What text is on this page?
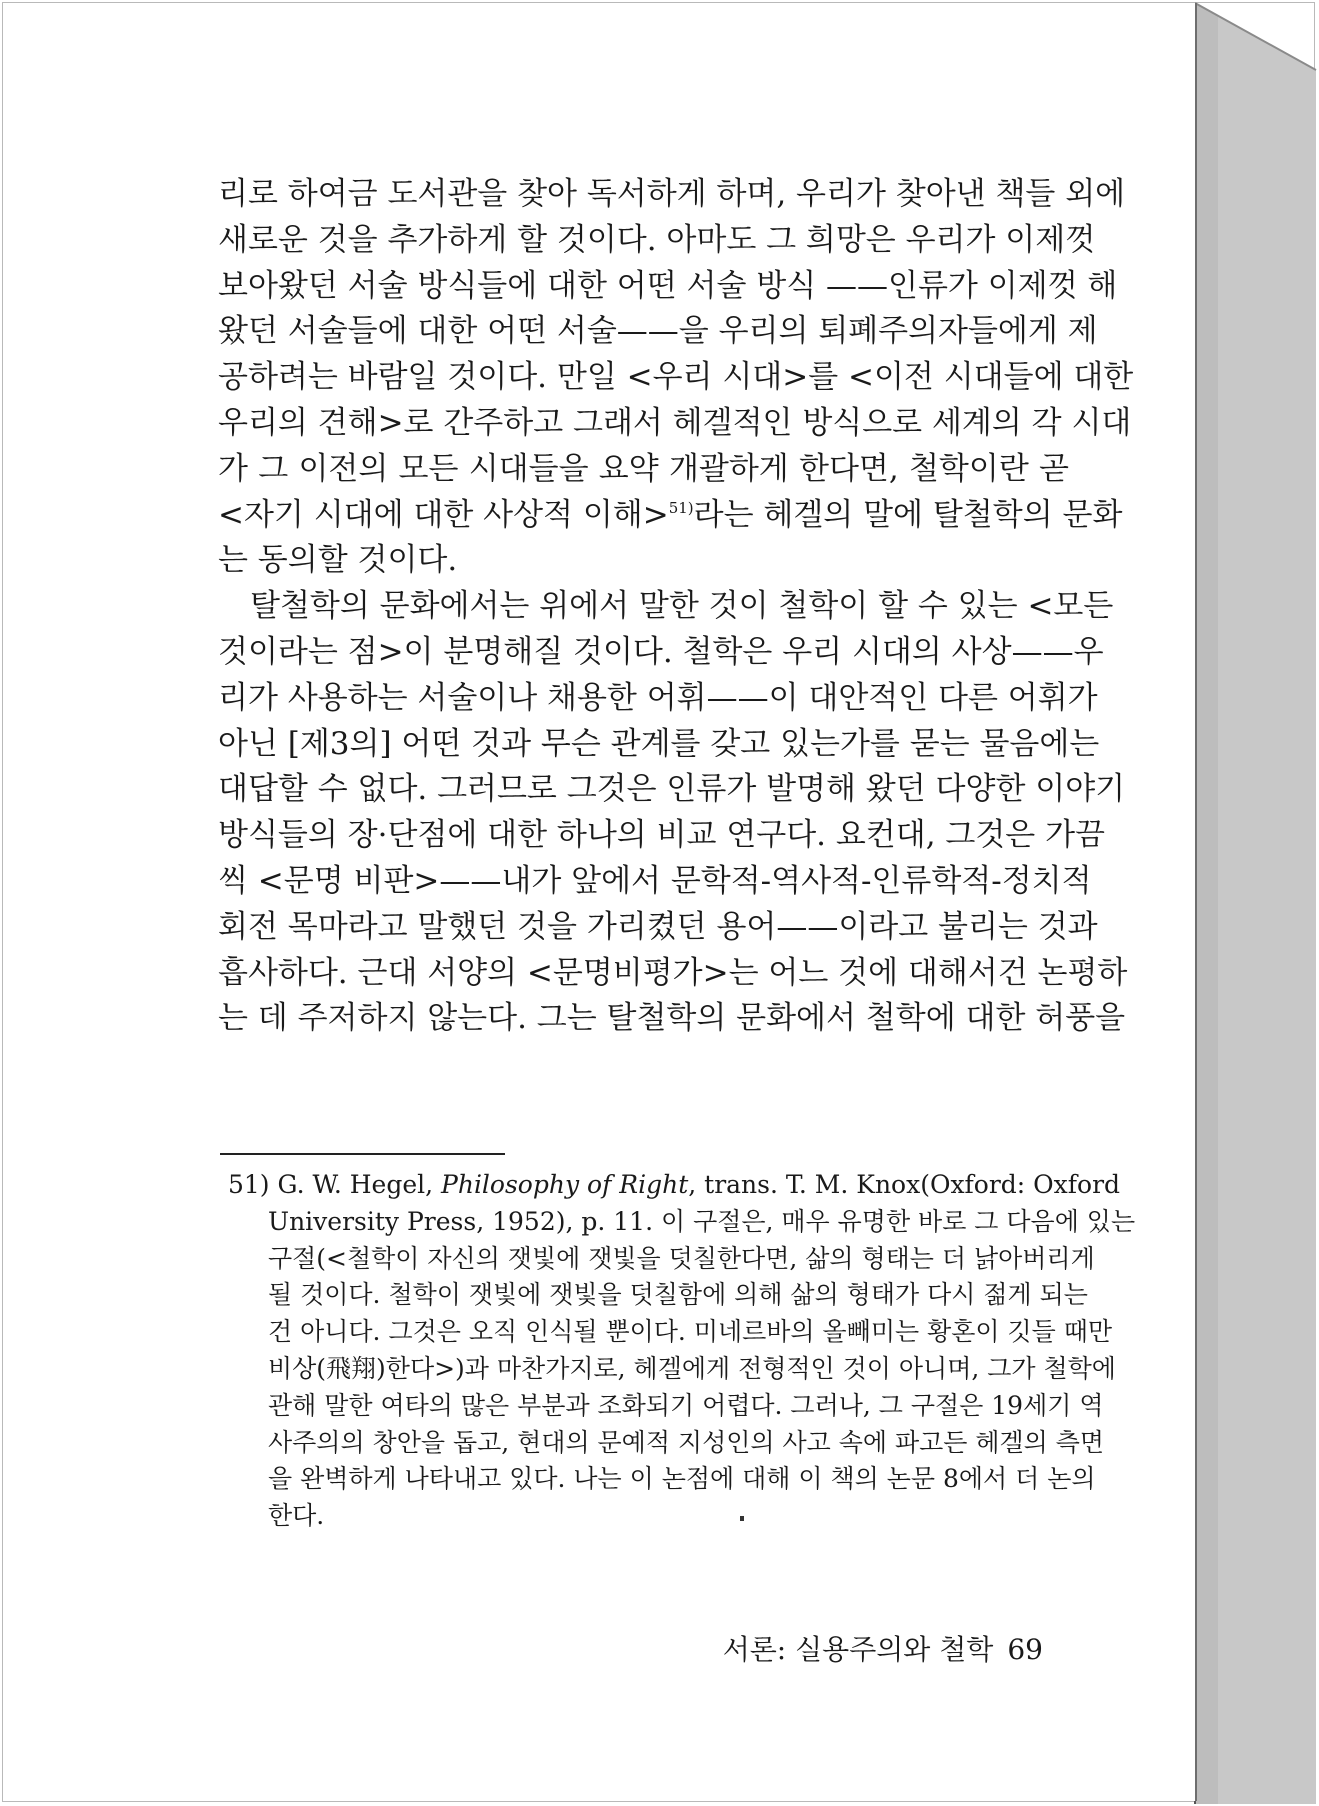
리로 하여금 도서관을 찾아 독서하게 하며, 우리가 찾아낸 책들 외에
새로운 것을 추가하게 할 것이다. 아마도 그 희망은 우리가 이제껏
보아왔던 서술 방식들에 대한 어떤 서술 방식 ——인류가 이제껏 해
왔던 서술들에 대한 어떤 서술——을 우리의 퇴폐주의자들에게 제
공하려는 바람일 것이다. 만일 <우리 시대>를 <이전 시대들에 대한
우리의 견해>로 간주하고 그래서 헤겔적인 방식으로 세계의 각 시대
가 그 이전의 모든 시대들을 요약 개괄하게 한다면, 철학이란 곧
<자기 시대에 대한 사상적 이해>$^{51)}$라는 헤겔의 말에 탈철학의 문화
는 동의할 것이다.
탈철학의 문화에서는 위에서 말한 것이 철학이 할 수 있는 <모든
것이라는 점>이 분명해질 것이다. 철학은 우리 시대의 사상——우
리가 사용하는 서술이나 채용한 어휘——이 대안적인 다른 어휘가
아닌 [제3의] 어떤 것과 무슨 관계를 갖고 있는가를 묻는 물음에는
대답할 수 없다. 그러므로 그것은 인류가 발명해 왔던 다양한 이야기
방식들의 장·단점에 대한 하나의 비교 연구다. 요컨대, 그것은 가끔
씩 <문명 비판>——내가 앞에서 문학적-역사적-인류학적-정치적
회전 목마라고 말했던 것을 가리켰던 용어——이라고 불리는 것과
흡사하다. 근대 서양의 <문명비평가>는 어느 것에 대해서건 논평하
는 데 주저하지 않는다. 그는 탈철학의 문화에서 철학에 대한 허풍을
51) G. W. Hegel, Philosophy of Right, trans. T. M. Knox(Oxford: Oxford
University Press, 1952), p. 11. 이 구절은, 매우 유명한 바로 그 다음에 있는
구절(<철학이 자신의 잿빛에 잿빛을 덧칠한다면, 삶의 형태는 더 낡아버리게
될 것이다. 철학이 잿빛에 잿빛을 덧칠함에 의해 삶의 형태가 다시 젊게 되는
건 아니다. 그것은 오직 인식될 뿐이다. 미네르바의 올빼미는 황혼이 깃들 때만
비상(飛翔)한다>)과 마찬가지로, 헤겔에게 전형적인 것이 아니며, 그가 철학에
관해 말한 여타의 많은 부분과 조화되기 어렵다. 그러나, 그 구절은 19세기 역
사주의의 창안을 돕고, 현대의 문예적 지성인의 사고 속에 파고든 헤겔의 측면
을 완벽하게 나타내고 있다. 나는 이 논점에 대해 이 책의 논문 8에서 더 논의
한다.
서론: 실용주의와 철학 69
